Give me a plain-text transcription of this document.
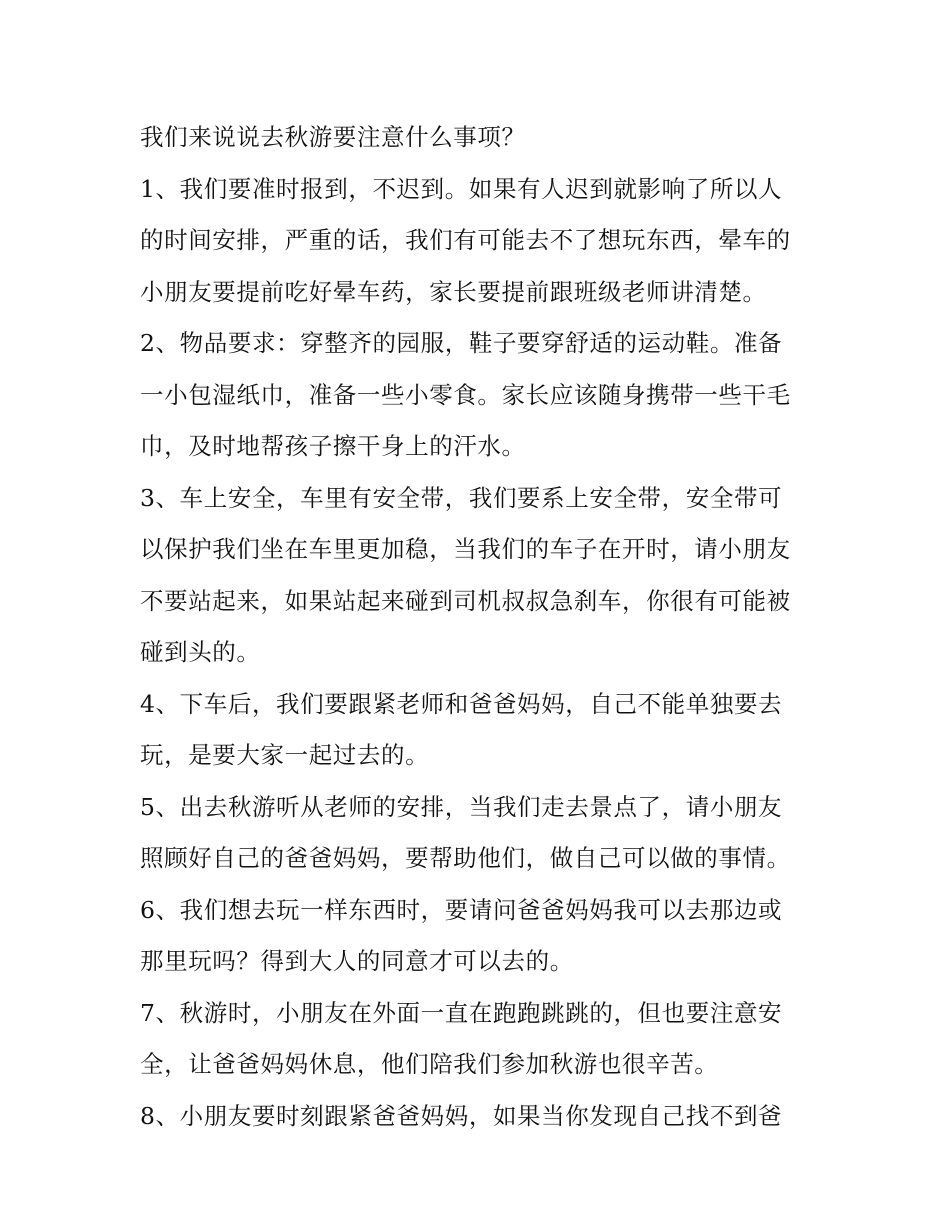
我们来说说去秋游要注意什么事项？
1、我们要准时报到，不迟到。如果有人迟到就影响了所以人
的时间安排，严重的话，我们有可能去不了想玩东西，晕车的
小朋友要提前吃好晕车药，家长要提前跟班级老师讲清楚。
2、物品要求：穿整齐的园服，鞋子要穿舒适的运动鞋。准备
一小包湿纸巾，准备一些小零食。家长应该随身携带一些干毛
巾，及时地帮孩子擦干身上的汗水。
3、车上安全，车里有安全带，我们要系上安全带，安全带可
以保护我们坐在车里更加稳，当我们的车子在开时，请小朋友
不要站起来，如果站起来碰到司机叔叔急刹车，你很有可能被
碰到头的。
4、下车后，我们要跟紧老师和爸爸妈妈，自己不能单独要去
玩，是要大家一起过去的。
5、出去秋游听从老师的安排，当我们走去景点了，请小朋友
照顾好自己的爸爸妈妈，要帮助他们，做自己可以做的事情。
6、我们想去玩一样东西时，要请问爸爸妈妈我可以去那边或
那里玩吗？得到大人的同意才可以去的。
7、秋游时，小朋友在外面一直在跑跑跳跳的，但也要注意安
全，让爸爸妈妈休息，他们陪我们参加秋游也很辛苦。
8、小朋友要时刻跟紧爸爸妈妈，如果当你发现自己找不到爸
